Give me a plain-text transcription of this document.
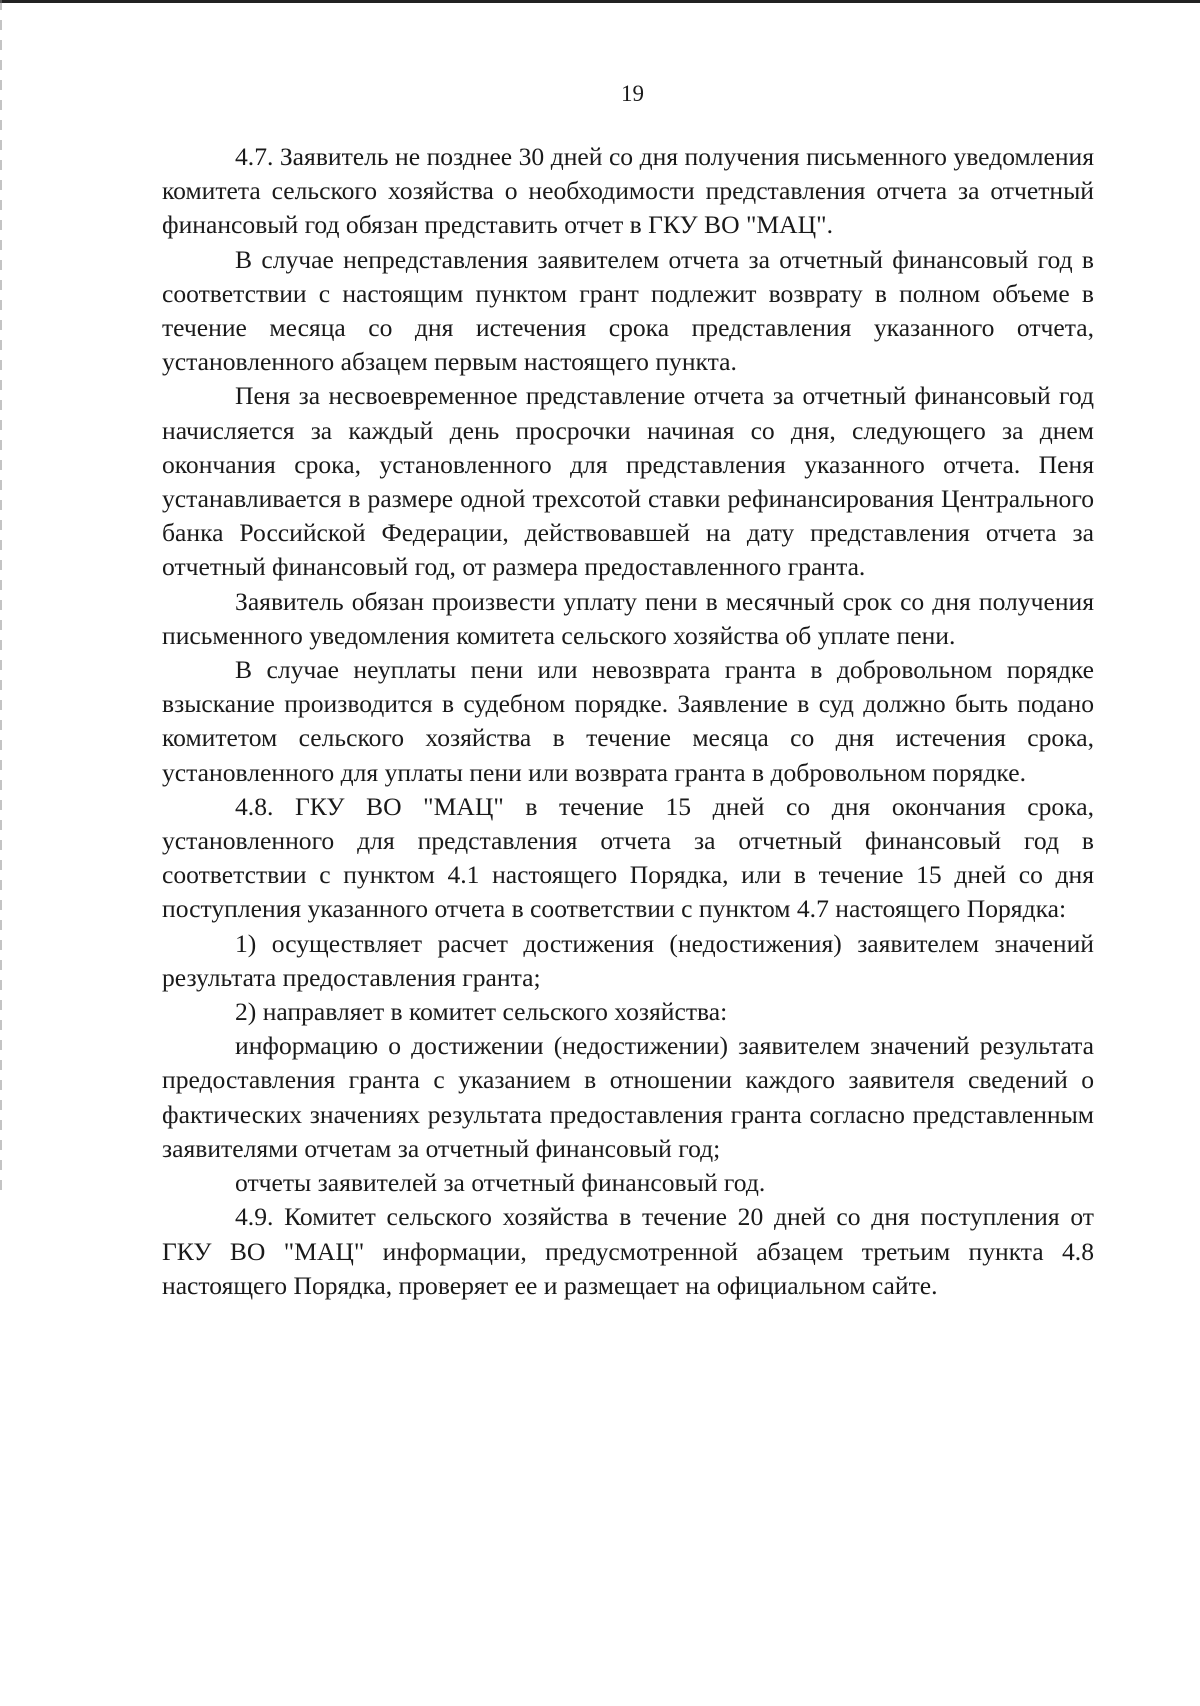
19

4.7. Заявитель не позднее 30 дней со дня получения письменного уведомления комитета сельского хозяйства о необходимости представления отчета за отчетный финансовый год обязан представить отчет в ГКУ ВО "МАЦ".

В случае непредставления заявителем отчета за отчетный финансовый год в соответствии с настоящим пунктом грант подлежит возврату в полном объеме в течение месяца со дня истечения срока представления указанного отчета, установленного абзацем первым настоящего пункта.

Пеня за несвоевременное представление отчета за отчетный финансовый год начисляется за каждый день просрочки начиная со дня, следующего за днем окончания срока, установленного для представления указанного отчета. Пеня устанавливается в размере одной трехсотой ставки рефинансирования Центрального банка Российской Федерации, действовавшей на дату представления отчета за отчетный финансовый год, от размера предоставленного гранта.

Заявитель обязан произвести уплату пени в месячный срок со дня получения письменного уведомления комитета сельского хозяйства об уплате пени.

В случае неуплаты пени или невозврата гранта в добровольном порядке взыскание производится в судебном порядке. Заявление в суд должно быть подано комитетом сельского хозяйства в течение месяца со дня истечения срока, установленного для уплаты пени или возврата гранта в добровольном порядке.

4.8. ГКУ ВО "МАЦ" в течение 15 дней со дня окончания срока, установленного для представления отчета за отчетный финансовый год в соответствии с пунктом 4.1 настоящего Порядка, или в течение 15 дней со дня поступления указанного отчета в соответствии с пунктом 4.7 настоящего Порядка:

1) осуществляет расчет достижения (недостижения) заявителем значений результата предоставления гранта;

2) направляет в комитет сельского хозяйства:

информацию о достижении (недостижении) заявителем значений результата предоставления гранта с указанием в отношении каждого заявителя сведений о фактических значениях результата предоставления гранта согласно представленным заявителями отчетам за отчетный финансовый год;

отчеты заявителей за отчетный финансовый год.

4.9. Комитет сельского хозяйства в течение 20 дней со дня поступления от ГКУ ВО "МАЦ" информации, предусмотренной абзацем третьим пункта 4.8 настоящего Порядка, проверяет ее и размещает на официальном сайте.
